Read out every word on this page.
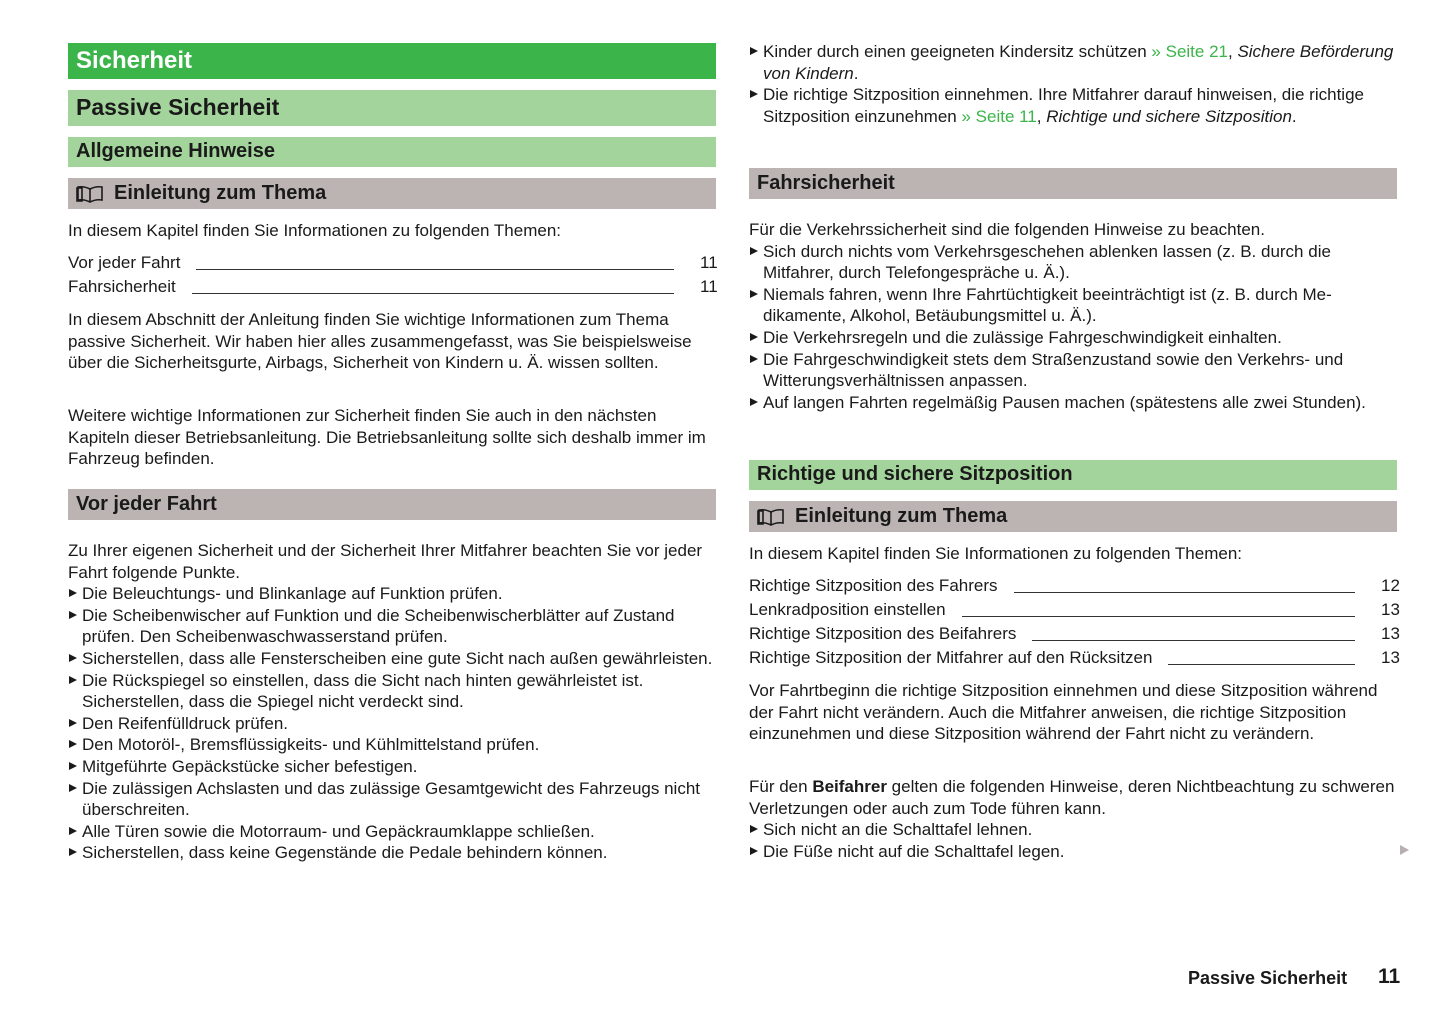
Sicherheit
Passive Sicherheit
Allgemeine Hinweise
Einleitung zum Thema

In diesem Kapitel finden Sie Informationen zu folgenden Themen:

Vor jeder Fahrt	11
Fahrsicherheit	11

In diesem Abschnitt der Anleitung finden Sie wichtige Informationen zum Thema passive Sicherheit. Wir haben hier alles zusammengefasst, was Sie beispielsweise über die Sicherheitsgurte, Airbags, Sicherheit von Kindern u. Ä. wissen sollten.

Weitere wichtige Informationen zur Sicherheit finden Sie auch in den nächsten Kapiteln dieser Betriebsanleitung. Die Betriebsanleitung sollte sich deshalb immer im Fahrzeug befinden.

Vor jeder Fahrt

Zu Ihrer eigenen Sicherheit und der Sicherheit Ihrer Mitfahrer beachten Sie vor jeder Fahrt folgende Punkte.

Die Beleuchtungs- und Blinkanlage auf Funktion prüfen.
Die Scheibenwischer auf Funktion und die Scheibenwischerblätter auf Zustand prüfen. Den Scheibenwaschwasserstand prüfen.
Sicherstellen, dass alle Fensterscheiben eine gute Sicht nach außen gewährleisten.
Die Rückspiegel so einstellen, dass die Sicht nach hinten gewährleistet ist. Sicherstellen, dass die Spiegel nicht verdeckt sind.
Den Reifenfülldruck prüfen.
Den Motoröl-, Bremsflüssigkeits- und Kühlmittelstand prüfen.
Mitgeführte Gepäckstücke sicher befestigen.
Die zulässigen Achslasten und das zulässige Gesamtgewicht des Fahrzeugs nicht überschreiten.
Alle Türen sowie die Motorraum- und Gepäckraumklappe schließen.
Sicherstellen, dass keine Gegenstände die Pedale behindern können.
Kinder durch einen geeigneten Kindersitz schützen » Seite 21, Sichere Beförderung von Kindern.
Die richtige Sitzposition einnehmen. Ihre Mitfahrer darauf hinweisen, die richtige Sitzposition einzunehmen » Seite 11, Richtige und sichere Sitzposition.
Fahrsicherheit

Für die Verkehrssicherheit sind die folgenden Hinweise zu beachten.

Sich durch nichts vom Verkehrsgeschehen ablenken lassen (z. B. durch die Mitfahrer, durch Telefongespräche u. Ä.).
Niemals fahren, wenn Ihre Fahrtüchtigkeit beeinträchtigt ist (z. B. durch Medikamente, Alkohol, Betäubungsmittel u. Ä.).
Die Verkehrsregeln und die zulässige Fahrgeschwindigkeit einhalten.
Die Fahrgeschwindigkeit stets dem Straßenzustand sowie den Verkehrs- und Witterungsverhältnissen anpassen.
Auf langen Fahrten regelmäßig Pausen machen (spätestens alle zwei Stunden).
Richtige und sichere Sitzposition
Einleitung zum Thema

In diesem Kapitel finden Sie Informationen zu folgenden Themen:

Richtige Sitzposition des Fahrers	12
Lenkradposition einstellen	13
Richtige Sitzposition des Beifahrers	13
Richtige Sitzposition der Mitfahrer auf den Rücksitzen	13

Vor Fahrtbeginn die richtige Sitzposition einnehmen und diese Sitzposition während der Fahrt nicht verändern. Auch die Mitfahrer anweisen, die richtige Sitzposition einzunehmen und diese Sitzposition während der Fahrt nicht zu verändern.

Für den Beifahrer gelten die folgenden Hinweise, deren Nichtbeachtung zu schweren Verletzungen oder auch zum Tode führen kann.

Sich nicht an die Schalttafel lehnen.
Die Füße nicht auf die Schalttafel legen.
Passive Sicherheit 11
